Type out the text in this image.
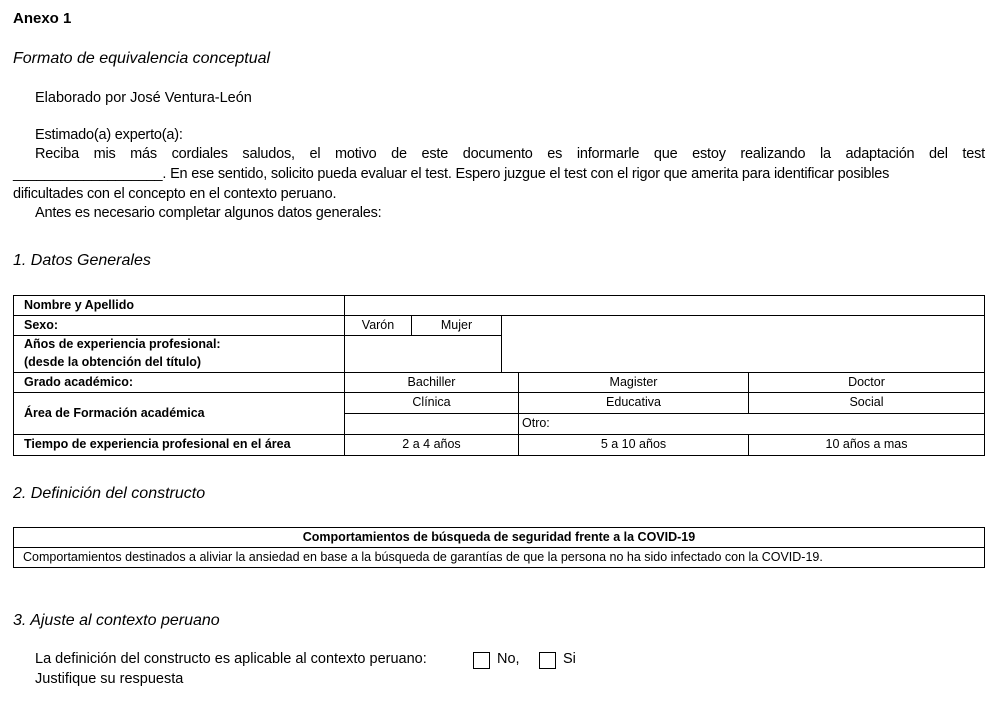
Anexo 1
Formato de equivalencia conceptual
Elaborado por José Ventura-León
Estimado(a) experto(a):
Reciba mis más cordiales saludos, el motivo de este documento es informarle que estoy realizando la adaptación del test
___________________. En ese sentido, solicito pueda evaluar el test. Espero juzgue el test con el rigor que amerita para identificar posibles
dificultades con el concepto en el contexto peruano.
Antes es necesario completar algunos datos generales:
1. Datos Generales
Nombre y Apellido
Sexo:	Varón	Mujer
Años de experiencia profesional:
(desde la obtención del título)
Grado académico:	Bachiller	Magister	Doctor
Área de Formación académica
Clínica	Educativa	Social
Otro:
Tiempo de experiencia profesional en el área	2 a 4 años	5 a 10 años	10 años a mas
2. Definición del constructo
Comportamientos de búsqueda de seguridad frente a la COVID-19
Comportamientos destinados a aliviar la ansiedad en base a la búsqueda de garantías de que la persona no ha sido infectado con la COVID-19.
3. Ajuste al contexto peruano
La definición del constructo es aplicable al contexto peruano:	No,	Si
Justifique su respuesta
